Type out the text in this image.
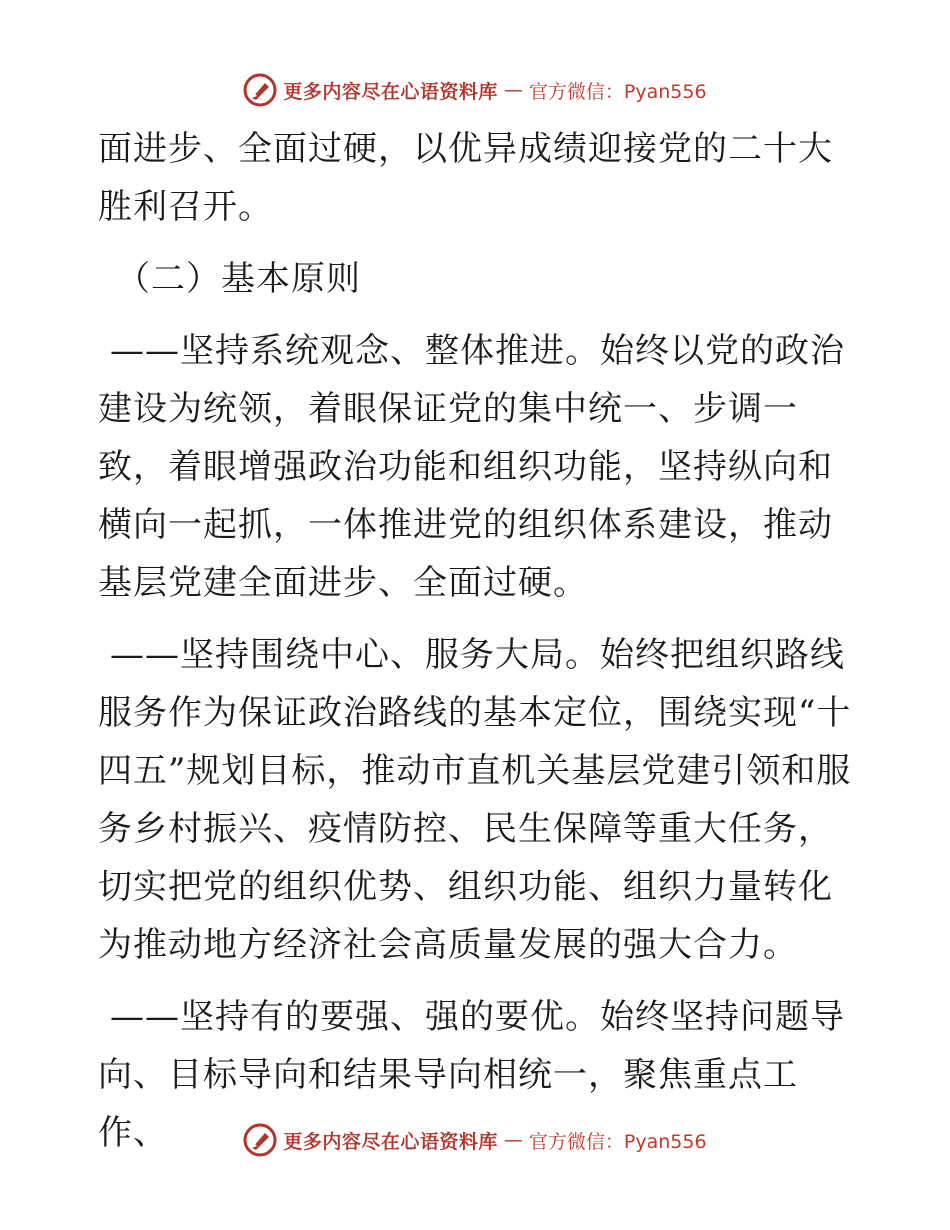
更多内容尽在心语资料库 — 官方微信：Pyan556

面进步、全面过硬，以优异成绩迎接党的二十大胜利召开。

（二）基本原则

——坚持系统观念、整体推进。始终以党的政治建设为统领，着眼保证党的集中统一、步调一致，着眼增强政治功能和组织功能，坚持纵向和横向一起抓，一体推进党的组织体系建设，推动基层党建全面进步、全面过硬。

——坚持围绕中心、服务大局。始终把组织路线服务作为保证政治路线的基本定位，围绕实现“十四五”规划目标，推动市直机关基层党建引领和服务乡村振兴、疫情防控、民生保障等重大任务，切实把党的组织优势、组织功能、组织力量转化为推动地方经济社会高质量发展的强大合力。

——坚持有的要强、强的要优。始终坚持问题导向、目标导向和结果导向相统一，聚焦重点工作、	更多内容尽在心语资料库 — 官方微信：Pyan556
